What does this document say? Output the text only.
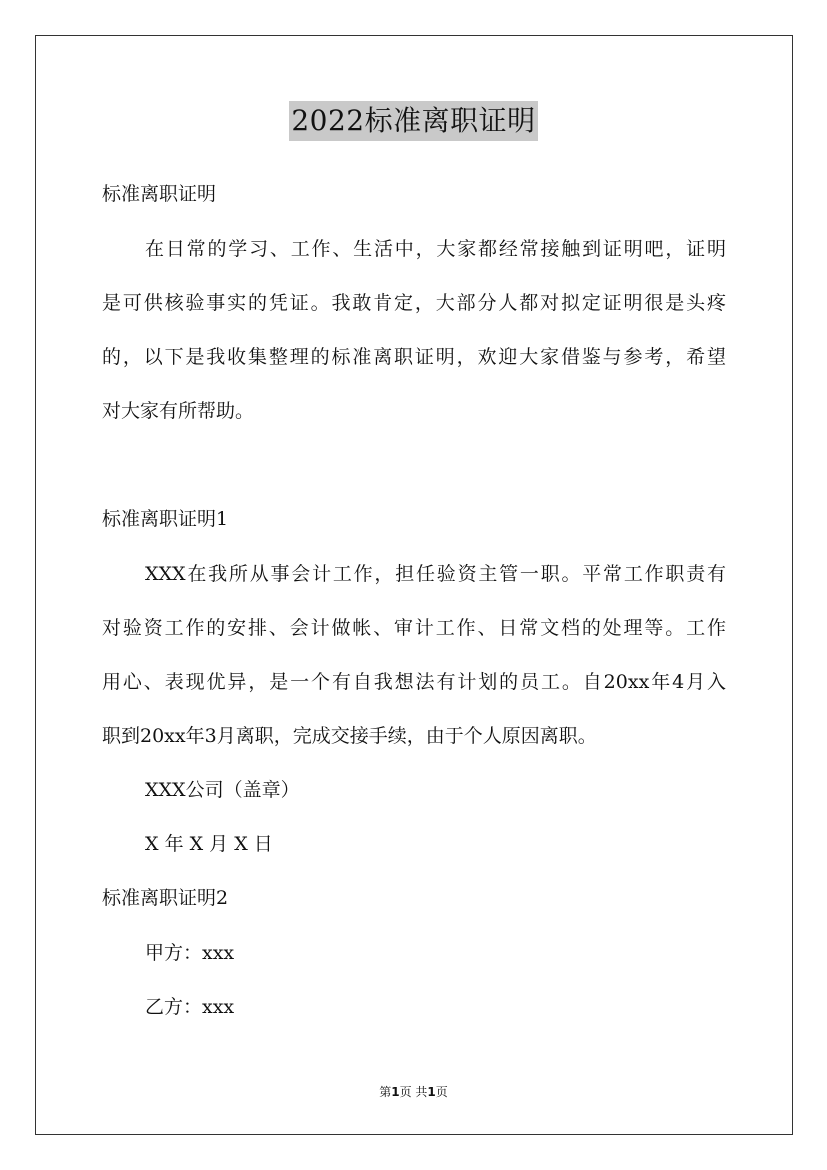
2022标准离职证明
标准离职证明
在日常的学习、工作、生活中，大家都经常接触到证明吧，证明
是可供核验事实的凭证。我敢肯定，大部分人都对拟定证明很是头疼
的，以下是我收集整理的标准离职证明，欢迎大家借鉴与参考，希望
对大家有所帮助。
标准离职证明1
XXX在我所从事会计工作，担任验资主管一职。平常工作职责有
对验资工作的安排、会计做帐、审计工作、日常文档的处理等。工作
用心、表现优异，是一个有自我想法有计划的员工。自20xx年4月入
职到20xx年3月离职，完成交接手续，由于个人原因离职。
XXX公司（盖章）
X 年 X 月 X 日
标准离职证明2
甲方：xxx
乙方：xxx
第1页 共1页
